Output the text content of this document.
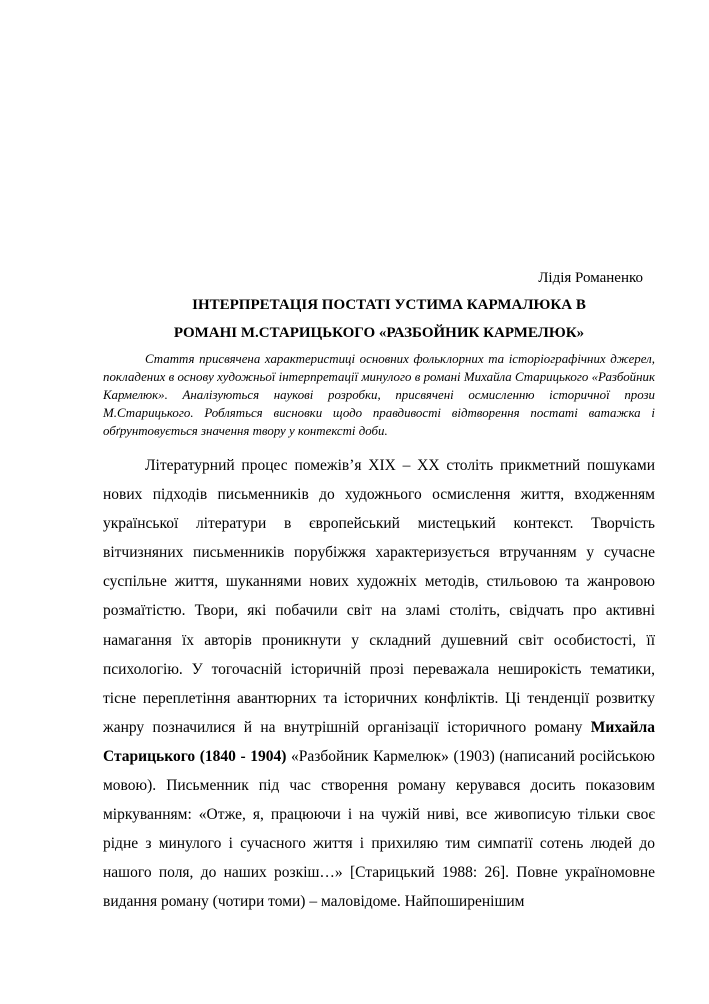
Лідія Романенко

ІНТЕРПРЕТАЦІЯ ПОСТАТІ УСТИМА КАРМАЛЮКА В

РОМАНІ М.СТАРИЦЬКОГО «РАЗБОЙНИК КАРМЕЛЮК»

Стаття присвячена характеристиці основних фольклорних та історіографічних джерел, покладених в основу художньої інтерпретації минулого в романі Михайла Старицького «Разбойник Кармелюк». Аналізуються наукові розробки, присвячені осмисленню історичної прози М.Старицького. Робляться висновки щодо правдивості відтворення постаті ватажка і обґрунтовується значення твору у контексті доби.

Літературний процес помежів’я XIX – XX століть прикметний пошуками нових підходів письменників до художнього осмислення життя, входженням української літератури в європейський мистецький контекст. Творчість вітчизняних письменників порубіжжя характеризується втручанням у сучасне суспільне життя, шуканнями нових художніх методів, стильовою та жанровою розмаїтістю. Твори, які побачили світ на зламі століть, свідчать про активні намагання їх авторів проникнути у складний душевний світ особистості, її психологію. У тогочасній історичній прозі переважала неширокість тематики, тісне переплетіння авантюрних та історичних конфліктів. Ці тенденції розвитку жанру позначилися й на внутрішній організації історичного роману Михайла Старицького (1840 - 1904) «Разбойник Кармелюк» (1903) (написаний російською мовою). Письменник під час створення роману керувався досить показовим міркуванням: «Отже, я, працюючи і на чужій ниві, все живописую тільки своє рідне з минулого і сучасного життя і прихиляю тим симпатії сотень людей до нашого поля, до наших розкіш…» [Старицький 1988: 26]. Повне україномовне видання роману (чотири томи) – маловідоме. Найпоширенішим
